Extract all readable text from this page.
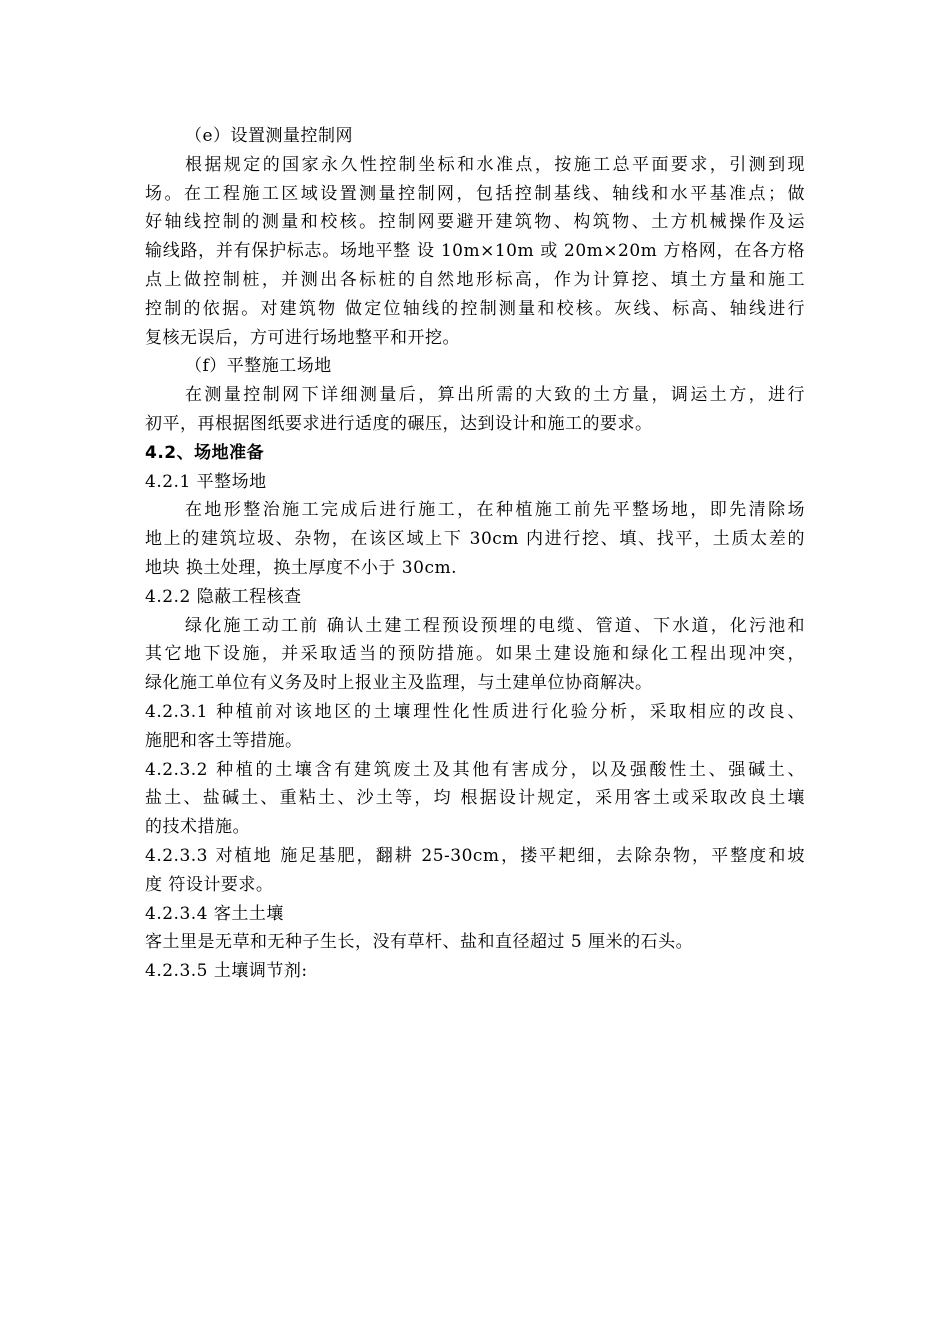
（e）设置测量控制网

根据规定的国家永久性控制坐标和水准点，按施工总平面要求，引测到现

场。在工程施工区域设置测量控制网，包括控制基线、轴线和水平基准点；做

好轴线控制的测量和校核。控制网要避开建筑物、构筑物、土方机械操作及运

输线路，并有保护标志。场地平整 设 10m×10m 或 20m×20m 方格网，在各方格

点上做控制桩，并测出各标桩的自然地形标高，作为计算挖、填土方量和施工

控制的依据。对建筑物 做定位轴线的控制测量和校核。灰线、标高、轴线进行

复核无误后，方可进行场地整平和开挖。

（f）平整施工场地

在测量控制网下详细测量后，算出所需的大致的土方量，调运土方，进行

初平，再根据图纸要求进行适度的碾压，达到设计和施工的要求。

4.2、场地准备

4.2.1 平整场地

在地形整治施工完成后进行施工，在种植施工前先平整场地，即先清除场

地上的建筑垃圾、杂物，在该区域上下 30cm 内进行挖、填、找平，土质太差的

地块 换土处理，换土厚度不小于 30cm.

4.2.2 隐蔽工程核查

绿化施工动工前 确认土建工程预设预埋的电缆、管道、下水道，化污池和

其它地下设施，并采取适当的预防措施。如果土建设施和绿化工程出现冲突，

绿化施工单位有义务及时上报业主及监理，与土建单位协商解决。

4.2.3.1 种植前对该地区的土壤理性化性质进行化验分析，采取相应的改良、

施肥和客土等措施。

4.2.3.2 种植的土壤含有建筑废土及其他有害成分，以及强酸性土、强碱土、

盐土、盐碱土、重粘土、沙土等，均 根据设计规定，采用客土或采取改良土壤

的技术措施。

4.2.3.3 对植地 施足基肥，翻耕 25-30cm，搂平耙细，去除杂物，平整度和坡

度 符设计要求。

4.2.3.4 客土土壤

客土里是无草和无种子生长，没有草杆、盐和直径超过 5 厘米的石头。

4.2.3.5 土壤调节剂:
